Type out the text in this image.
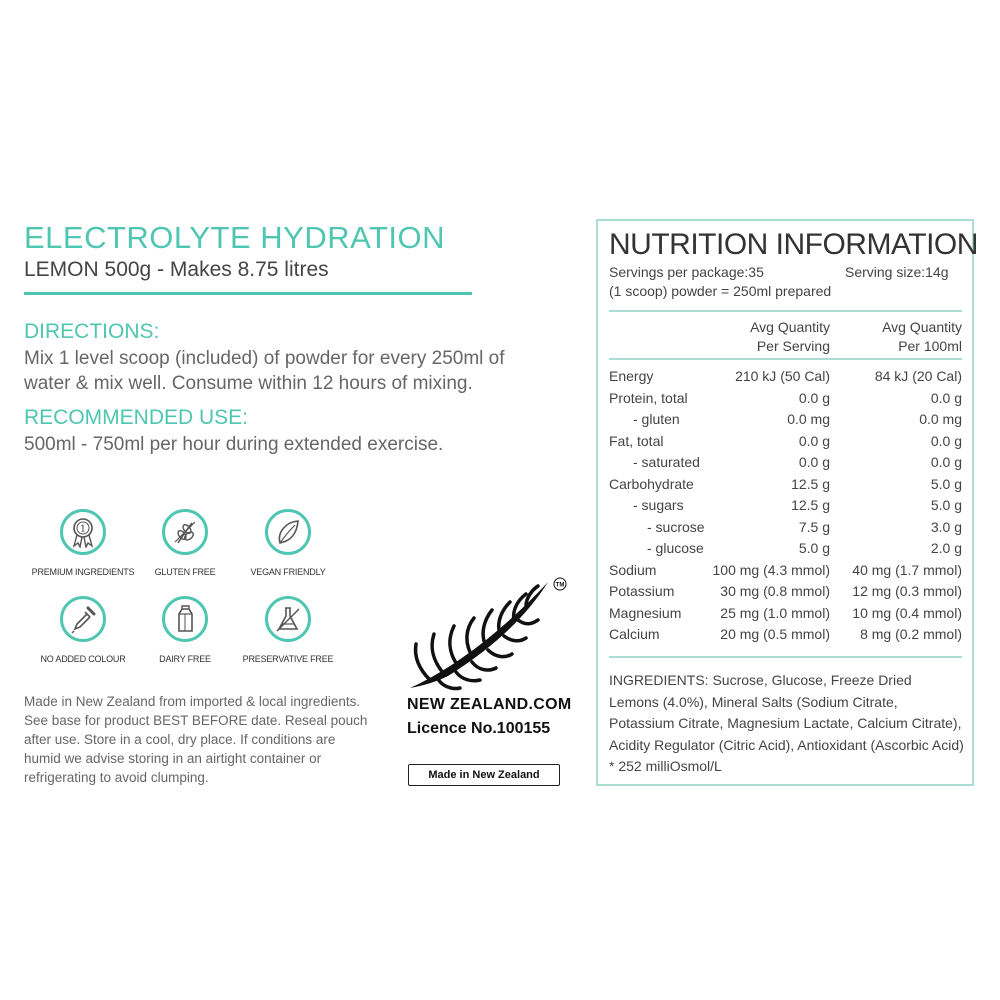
ELECTROLYTE HYDRATION
LEMON 500g - Makes 8.75 litres
DIRECTIONS:
Mix 1 level scoop (included) of powder for every 250ml of water & mix well. Consume within 12 hours of mixing.
RECOMMENDED USE:
500ml - 750ml per hour during extended exercise.
1
PREMIUM INGREDIENTS	GLUTEN FREE	VEGAN FRIENDLY
NO ADDED COLOUR	DAIRY FREE	PRESERVATIVE FREE
Made in New Zealand from imported & local ingredients. See base for product BEST BEFORE date. Reseal pouch after use. Store in a cool, dry place. If conditions are humid we advise storing in an airtight container or refrigerating to avoid clumping.
TM
NEW ZEALAND.COM
Licence No.100155
Made in New Zealand
NUTRITION INFORMATION
Servings per package:35	Serving size:14g
(1 scoop) powder = 250ml prepared
Avg Quantity
Per Serving
Avg Quantity
Per 100ml
Energy	210 kJ (50 Cal)	84 kJ (20 Cal)
Protein, total	0.0 g	0.0 g
- gluten	0.0 mg	0.0 mg
Fat, total	0.0 g	0.0 g
- saturated	0.0 g	0.0 g
Carbohydrate	12.5 g	5.0 g
- sugars	12.5 g	5.0 g
- sucrose	7.5 g	3.0 g
- glucose	5.0 g	2.0 g
Sodium	100 mg (4.3 mmol) 40 mg (1.7 mmol)
Potassium	30 mg (0.8 mmol) 12 mg (0.3 mmol)
Magnesium	25 mg (1.0 mmol) 10 mg (0.4 mmol)
Calcium	20 mg (0.5 mmol) 8 mg (0.2 mmol)
INGREDIENTS: Sucrose, Glucose, Freeze Dried Lemons (4.0%), Mineral Salts (Sodium Citrate, Potassium Citrate, Magnesium Lactate, Calcium Citrate), Acidity Regulator (Citric Acid), Antioxidant (Ascorbic Acid) * 252 milliOsmol/L
